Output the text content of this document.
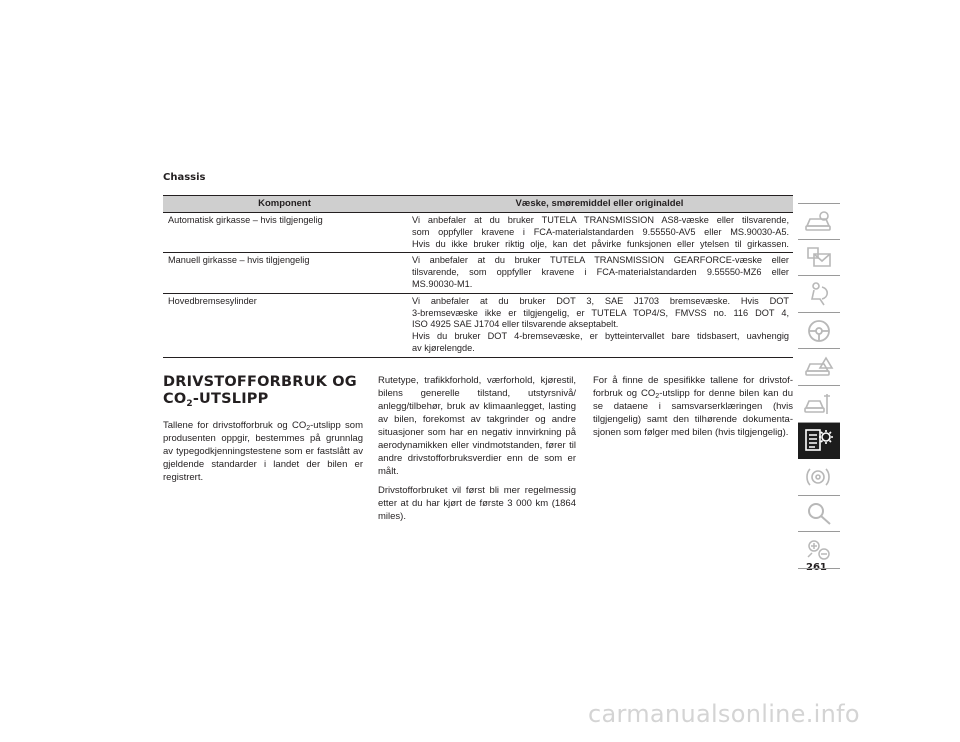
Chassis
Komponent	Væske, smøremiddel eller originaldel
Automatisk girkasse – hvis tilgjengelig	Vi anbefaler at du bruker TUTELA TRANSMISSION AS8-væske eller tilsvarende,
som oppfyller kravene i FCA-materialstandarden 9.55550-AV5 eller MS.90030-A5.
Hvis du ikke bruker riktig olje, kan det påvirke funksjonen eller ytelsen til girkassen.

Manuell girkasse – hvis tilgjengelig	Vi anbefaler at du bruker TUTELA TRANSMISSION GEARFORCE-væske eller
tilsvarende, som oppfyller kravene i FCA-materialstandarden 9.55550-MZ6 eller
MS.90030-M1.

Hovedbremsesylinder	Vi anbefaler at du bruker DOT 3, SAE J1703 bremsevæske. Hvis DOT
3-bremsevæske ikke er tilgjengelig, er TUTELA TOP4/S, FMVSS no. 116 DOT 4,
ISO 4925 SAE J1704 eller tilsvarende akseptabelt.
Hvis du bruker DOT 4-bremsevæske, er bytteintervallet bare tidsbasert, uavhengig
av kjørelengde.
DRIVSTOFFORBRUK OG
$CO_2$-UTSLIPP

Tallene for drivstofforbruk og $CO_2$-utslipp som produsenten oppgir, bestemmes på grunnlag av typegodkjenningstestene som er fastslått av gjeldende standarder i landet der bilen er registrert.

Rutetype, trafikkforhold, værforhold, kjørestil, bilens generelle tilstand, utstyrsnivå/ anlegg/tilbehør, bruk av klimaanlegget, lasting av bilen, forekomst av takgrinder og andre situasjoner som har en negativ innvirkning på aerodynamikken eller vindmotstanden, fører til andre drivstofforbruksverdier enn de som er målt.

Drivstofforbruket vil først bli mer regelmessig etter at du har kjørt de første 3 000 km (1864 miles).

For å finne de spesifikke tallene for drivstofforbruk og $CO_2$-utslipp for denne bilen kan du se dataene i samsvarserklæringen (hvis tilgjengelig) samt den tilhørende dokumentasjonen som følger med bilen (hvis tilgjengelig).

261
carmanualsonline.info
